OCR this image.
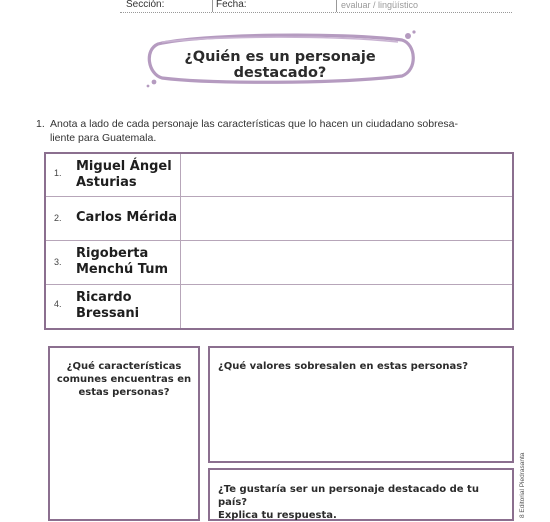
Sección:	Fecha:	evaluar / lingüístico
¿Quién es un personaje destacado?
1. Anota a lado de cada personaje las características que lo hacen un ciudadano sobresa-
liente para Guatemala.
1. Miguel Ángel
Asturias
2. Carlos Mérida
3.
Rigoberta
Menchú Tum
4. Ricardo
Bressani
¿Qué características
comunes encuentras en
estas personas?
¿Qué valores sobresalen en estas personas?
¿Te gustaría ser un personaje destacado de tu país?
Explica tu respuesta.	8 Editorial Piedrasanta
